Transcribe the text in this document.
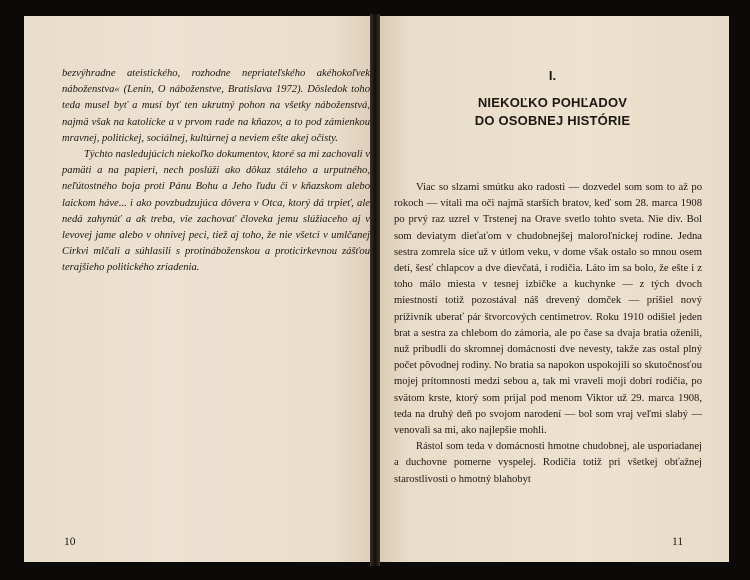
bezvýhradne ateistického, rozhodne nepriateľského akéhokoľvek náboženstva« (Lenin, O náboženstve, Bratislava 1972). Dôsledok toho teda musel byť a musí byť ten ukrutný pohon na všetky náboženstvá, najmä však na katolícke a v prvom rade na kňazov, a to pod zámienkou mravnej, politickej, sociálnej, kultúrnej a neviem ešte akej očisty.

Týchto nasledujúcich niekoľko dokumentov, ktoré sa mi zachovali v pamäti a na papieri, nech poslúži ako dôkaz stáleho a urputného, neľútostného boja proti Pánu Bohu a Jeho ľudu či v kňazskom alebo laickom háve... i ako povzbudzujúca dôvera v Otca, ktorý dá trpieť, ale nedá zahynúť a ak treba, vie zachovať človeka jemu slúžiaceho aj v levovej jame alebo v ohnivej peci, tiež aj toho, že nie všetci v umlčanej Cirkvi mlčali a súhlasili s protináboženskou a proticirkevnou zášťou terajšieho politického zriadenia.

10
I.
NIEKOĽKO POHĽADOV
DO OSOBNEJ HISTÓRIE

Viac so slzami smútku ako radosti — dozvedel som som to až po rokoch — vítali ma oči najmä starších bratov, keď som 28. marca 1908 po prvý raz uzrel v Trstenej na Orave svetlo tohto sveta. Nie div. Bol som deviatym dieťaťom v chudobnejšej maloroľníckej rodine. Jedna sestra zomrela síce už v útlom veku, v dome však ostalo so mnou osem detí, šesť chlapcov a dve dievčatá, i rodičia. Láto im sa bolo, že ešte i z toho málo miesta v tesnej izbičke a kuchynke — z tých dvoch miestností totiž pozostával náš drevený domček — prišiel nový príživník uberať pár štvorcových centimetrov. Roku 1910 odišiel jeden brat a sestra za chlebom do zámoria, ale po čase sa dvaja bratia oženili, nuž pribudli do skromnej domácnosti dve nevesty, takže zas ostal plný počet pôvodnej rodiny. No bratia sa napokon uspokojili so skutočnosťou mojej prítomnosti medzi sebou a, tak mi vraveli moji dobrí rodičia, po svätom krste, ktorý som prijal pod menom Viktor už 29. marca 1908, teda na druhý deň po svojom narodení — bol som vraj veľmi slabý — venovali sa mi, ako najlepšie mohli.

Rástol som teda v domácnosti hmotne chudobnej, ale usporiadanej a duchovne pomerne vyspelej. Rodičia totiž pri všetkej obťažnej starostlivosti o hmotný blahobyt

11
